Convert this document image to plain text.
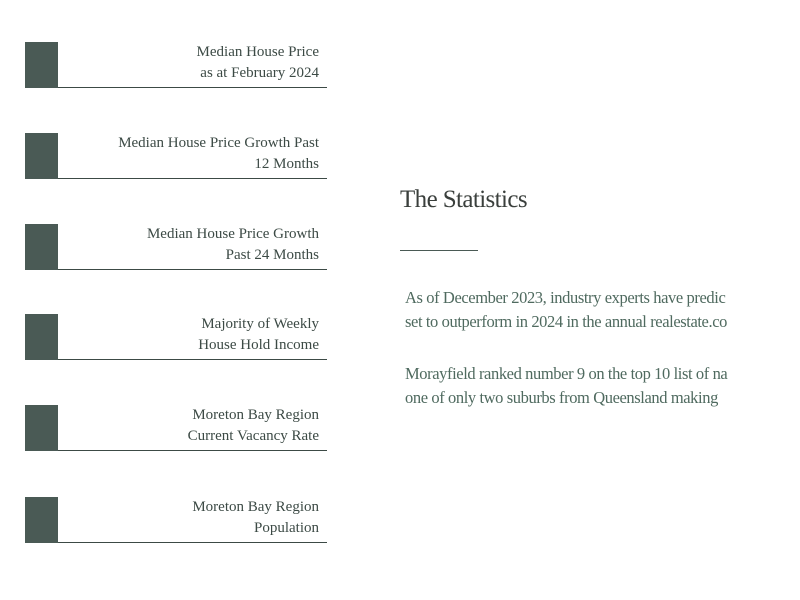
Median House Price
as at February 2024
Median House Price Growth Past
12 Months
Median House Price Growth
Past 24 Months
Majority of Weekly
House Hold Income
Moreton Bay Region
Current Vacancy Rate
Moreton Bay Region
Population
The Statistics

As of December 2023, industry experts have predic
set to outperform in 2024 in the annual realestate.co

Morayfield ranked number 9 on the top 10 list of na
one of only two suburbs from Queensland making
